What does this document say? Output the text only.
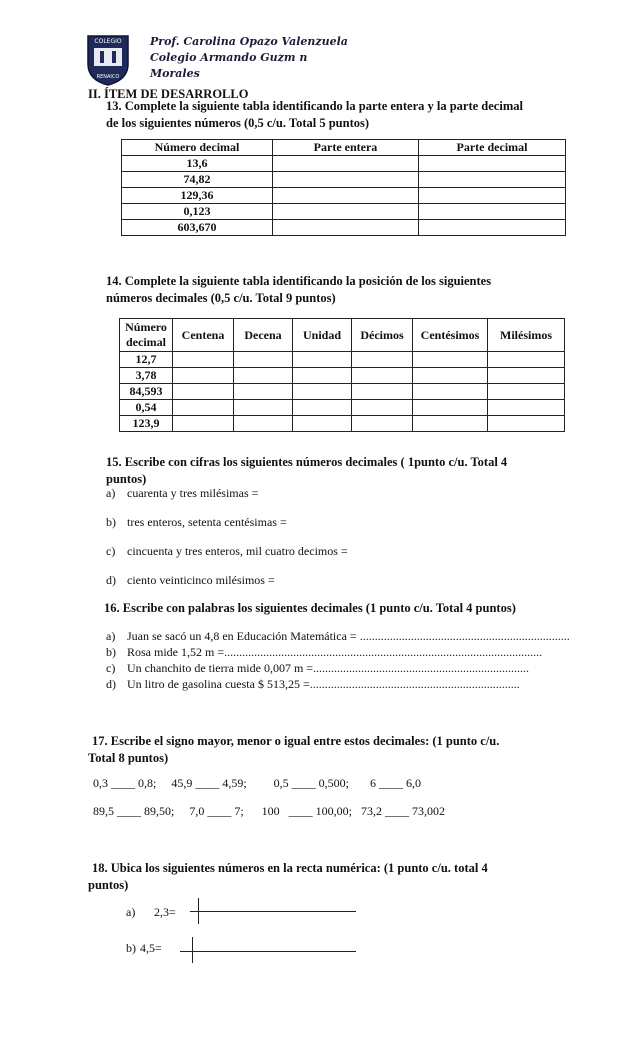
COLEGIO
RENAICO
Prof. Carolina Opazo Valenzuela
Colegio Armando Guzm n
Morales
II. ÍTEM DE DESARROLLO
13. Complete la siguiente tabla identificando la parte entera y la parte decimal
de los siguientes números (0,5 c/u. Total 5 puntos)
Número decimal	Parte entera	Parte decimal
13,6		
74,82		
129,36		
0,123		
603,670		
14. Complete la siguiente tabla identificando la posición de los siguientes
números decimales (0,5 c/u. Total 9 puntos)
Número decimal	Centena	Decena	Unidad	Décimos	Centésimos	Milésimos
12,7						
3,78						
84,593						
0,54						
123,9						
15. Escribe con cifras los siguientes números decimales ( 1punto c/u. Total 4
puntos)
a) cuarenta y tres milésimas =
b) tres enteros, setenta centésimas =
c) cincuenta y tres enteros, mil cuatro decimos =
d) ciento veinticinco milésimos =
16. Escribe con palabras los siguientes decimales (1 punto c/u. Total 4 puntos)
a) Juan se sacó un 4,8 en Educación Matemática = ......................................................................
b) Rosa mide 1,52 m =..........................................................................................................
c) Un chanchito de tierra mide 0,007 m =........................................................................
d) Un litro de gasolina cuesta $ 513,25 =......................................................................
17. Escribe el signo mayor, menor o igual entre estos decimales: (1 punto c/u.
Total 8 puntos)
0,3 ____ 0,8;     45,9 ____ 4,59;         0,5 ____ 0,500;       6 ____ 6,0
89,5 ____ 89,50;     7,0 ____ 7;      100   ____ 100,00;   73,2 ____ 73,002
18. Ubica los siguientes números en la recta numérica: (1 punto c/u. total 4
puntos)
a) 2,3=
b) 4,5=
